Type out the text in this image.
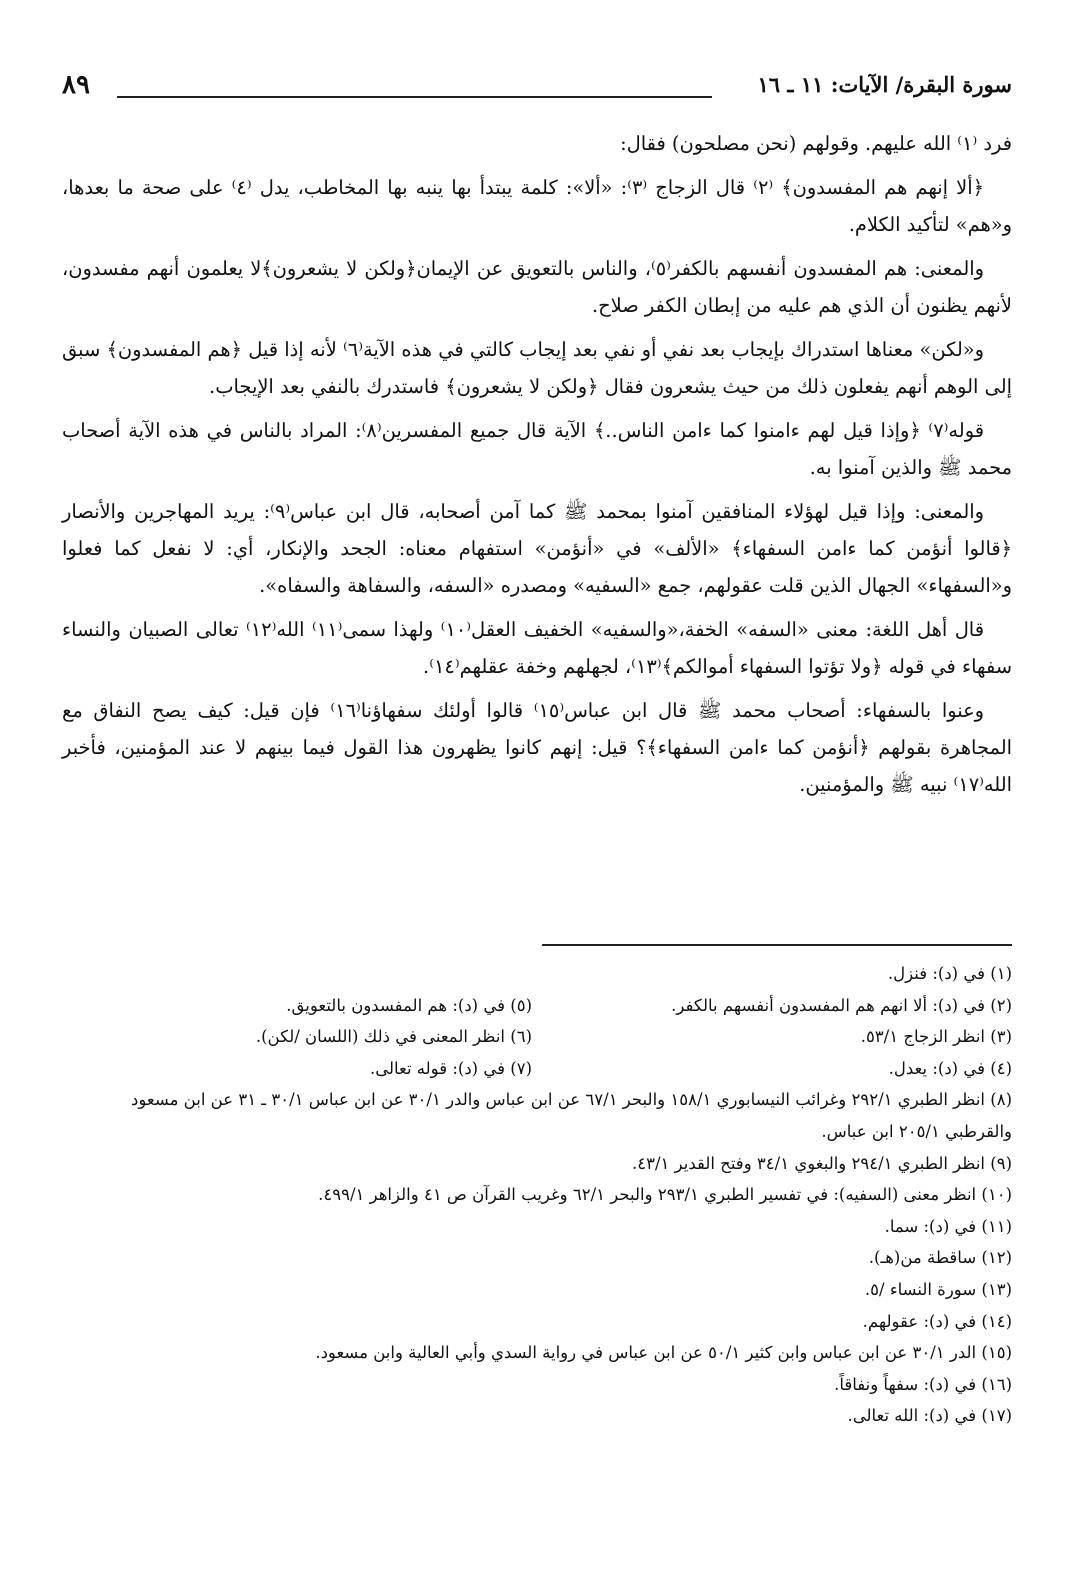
٨٩	سورة البقرة/ الآيات: ١١ ـ ١٦

فرد ⁽١⁾ الله عليهم. وقولهم (نحن مصلحون) فقال:

﴿ألا إنهم هم المفسدون﴾ ⁽٢⁾ قال الزجاج ⁽٣⁾: «ألا»: كلمة يبتدأ بها ينبه بها المخاطب، يدل ⁽٤⁾ على صحة ما بعدها، و«هم» لتأكيد الكلام.

والمعنى: هم المفسدون أنفسهم بالكفر⁽٥⁾، والناس بالتعويق عن الإيمان﴿ولكن لا يشعرون﴾لا يعلمون أنهم مفسدون، لأنهم يظنون أن الذي هم عليه من إبطان الكفر صلاح.

و«لكن» معناها استدراك بإيجاب بعد نفي أو نفي بعد إيجاب كالتي في هذه الآية⁽٦⁾ لأنه إذا قيل ﴿هم المفسدون﴾ سبق إلى الوهم أنهم يفعلون ذلك من حيث يشعرون فقال ﴿ولكن لا يشعرون﴾ فاستدرك بالنفي بعد الإيجاب.

قوله⁽٧⁾ ﴿وإذا قيل لهم ءامنوا كما ءامن الناس..﴾ الآية قال جميع المفسرين⁽٨⁾: المراد بالناس في هذه الآية أصحاب محمد ﷺ والذين آمنوا به.

والمعنى: وإذا قيل لهؤلاء المنافقين آمنوا بمحمد ﷺ كما آمن أصحابه، قال ابن عباس⁽٩⁾: يريد المهاجرين والأنصار ﴿قالوا أنؤمن كما ءامن السفهاء﴾ «الألف» في «أنؤمن» استفهام معناه: الجحد والإنكار، أي: لا نفعل كما فعلوا و«السفهاء» الجهال الذين قلت عقولهم، جمع «السفيه» ومصدره «السفه، والسفاهة والسفاه».

قال أهل اللغة: معنى «السفه» الخفة،«والسفيه» الخفيف العقل⁽١٠⁾ ولهذا سمى⁽١١⁾ الله⁽١٢⁾ تعالى الصبيان والنساء سفهاء في قوله ﴿ولا تؤتوا السفهاء أموالكم﴾⁽١٣⁾، لجهلهم وخفة عقلهم⁽١٤⁾.

وعنوا بالسفهاء: أصحاب محمد ﷺ قال ابن عباس⁽١٥⁾ قالوا أولئك سفهاؤنا⁽١٦⁾ فإن قيل: كيف يصح النفاق مع المجاهرة بقولهم ﴿أنؤمن كما ءامن السفهاء﴾؟ قيل: إنهم كانوا يظهرون هذا القول فيما بينهم لا عند المؤمنين، فأخبر الله⁽١٧⁾ نبيه ﷺ والمؤمنين.

(١) في (د): فنزل.

(٢) في (د): ألا انهم هم المفسدون أنفسهم بالكفر.

(٥) في (د): هم المفسدون بالتعويق.

(٣) انظر الزجاج ٥٣/١.

(٦) انظر المعنى في ذلك (اللسان /لكن).

(٤) في (د): يعدل.

(٧) في (د): قوله تعالى.

(٨) انظر الطبري ٢٩٢/١ وغرائب النيسابوري ١٥٨/١ والبحر ٦٧/١ عن ابن عباس والدر ٣٠/١ عن ابن عباس ٣٠/١ ـ ٣١ عن ابن مسعود والقرطبي ٢٠٥/١ ابن عباس.

(٩) انظر الطبري ٢٩٤/١ والبغوي ٣٤/١ وفتح القدير ٤٣/١.

(١٠) انظر معنى (السفيه): في تفسير الطبري ٢٩٣/١ والبحر ٦٢/١ وغريب القرآن ص ٤١ والزاهر ٤٩٩/١.

(١١) في (د): سما.

(١٢) ساقطة من(هـ).

(١٣) سورة النساء /٥.

(١٤) في (د): عقولهم.

(١٥) الدر ٣٠/١ عن ابن عباس وابن كثير ٥٠/١ عن ابن عباس في رواية السدي وأبي العالية وابن مسعود.

(١٦) في (د): سفهاً ونفاقاً.

(١٧) في (د): الله تعالى.
